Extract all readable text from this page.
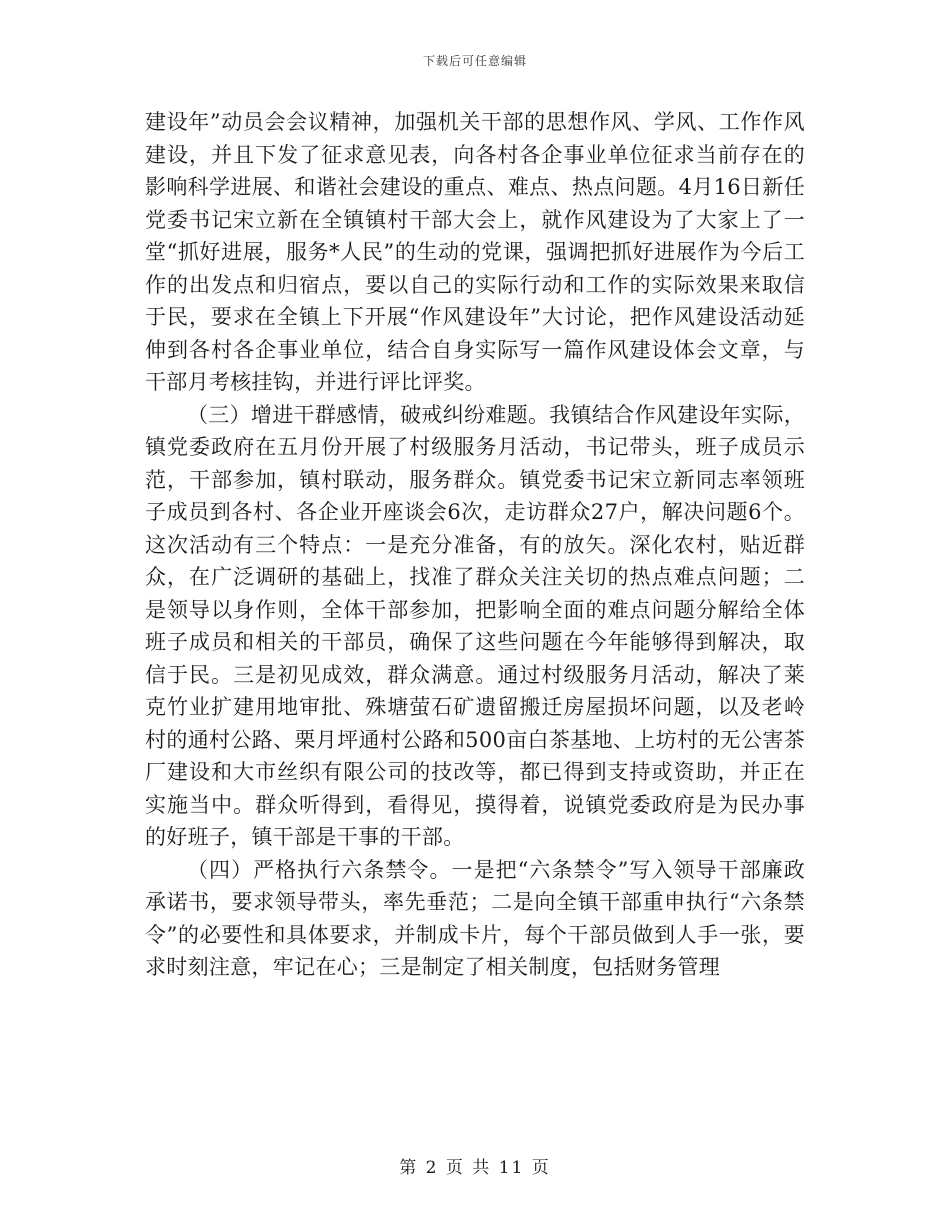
下载后可任意编辑

建设年”动员会会议精神，加强机关干部的思想作风、学风、工作作风建设，并且下发了征求意见表，向各村各企事业单位征求当前存在的影响科学进展、和谐社会建设的重点、难点、热点问题。4月16日新任党委书记宋立新在全镇镇村干部大会上，就作风建设为了大家上了一堂“抓好进展，服务*人民”的生动的党课，强调把抓好进展作为今后工作的出发点和归宿点，要以自己的实际行动和工作的实际效果来取信于民，要求在全镇上下开展“作风建设年”大讨论，把作风建设活动延伸到各村各企事业单位，结合自身实际写一篇作风建设体会文章，与干部月考核挂钩，并进行评比评奖。

（三）增进干群感情，破戒纠纷难题。我镇结合作风建设年实际，镇党委政府在五月份开展了村级服务月活动，书记带头，班子成员示范，干部参加，镇村联动，服务群众。镇党委书记宋立新同志率领班子成员到各村、各企业开座谈会6次，走访群众27户，解决问题6个。这次活动有三个特点：一是充分准备，有的放矢。深化农村，贴近群众，在广泛调研的基础上，找准了群众关注关切的热点难点问题；二是领导以身作则，全体干部参加，把影响全面的难点问题分解给全体班子成员和相关的干部员，确保了这些问题在今年能够得到解决，取信于民。三是初见成效，群众满意。通过村级服务月活动，解决了莱克竹业扩建用地审批、殊塘萤石矿遗留搬迁房屋损坏问题，以及老岭村的通村公路、栗月坪通村公路和500亩白茶基地、上坊村的无公害茶厂建设和大市丝织有限公司的技改等，都已得到支持或资助，并正在实施当中。群众听得到，看得见，摸得着，说镇党委政府是为民办事的好班子，镇干部是干事的干部。

（四）严格执行六条禁令。一是把“六条禁令”写入领导干部廉政承诺书，要求领导带头，率先垂范；二是向全镇干部重申执行“六条禁令”的必要性和具体要求，并制成卡片，每个干部员做到人手一张，要求时刻注意，牢记在心；三是制定了相关制度，包括财务管理

第 2 页 共 11 页
